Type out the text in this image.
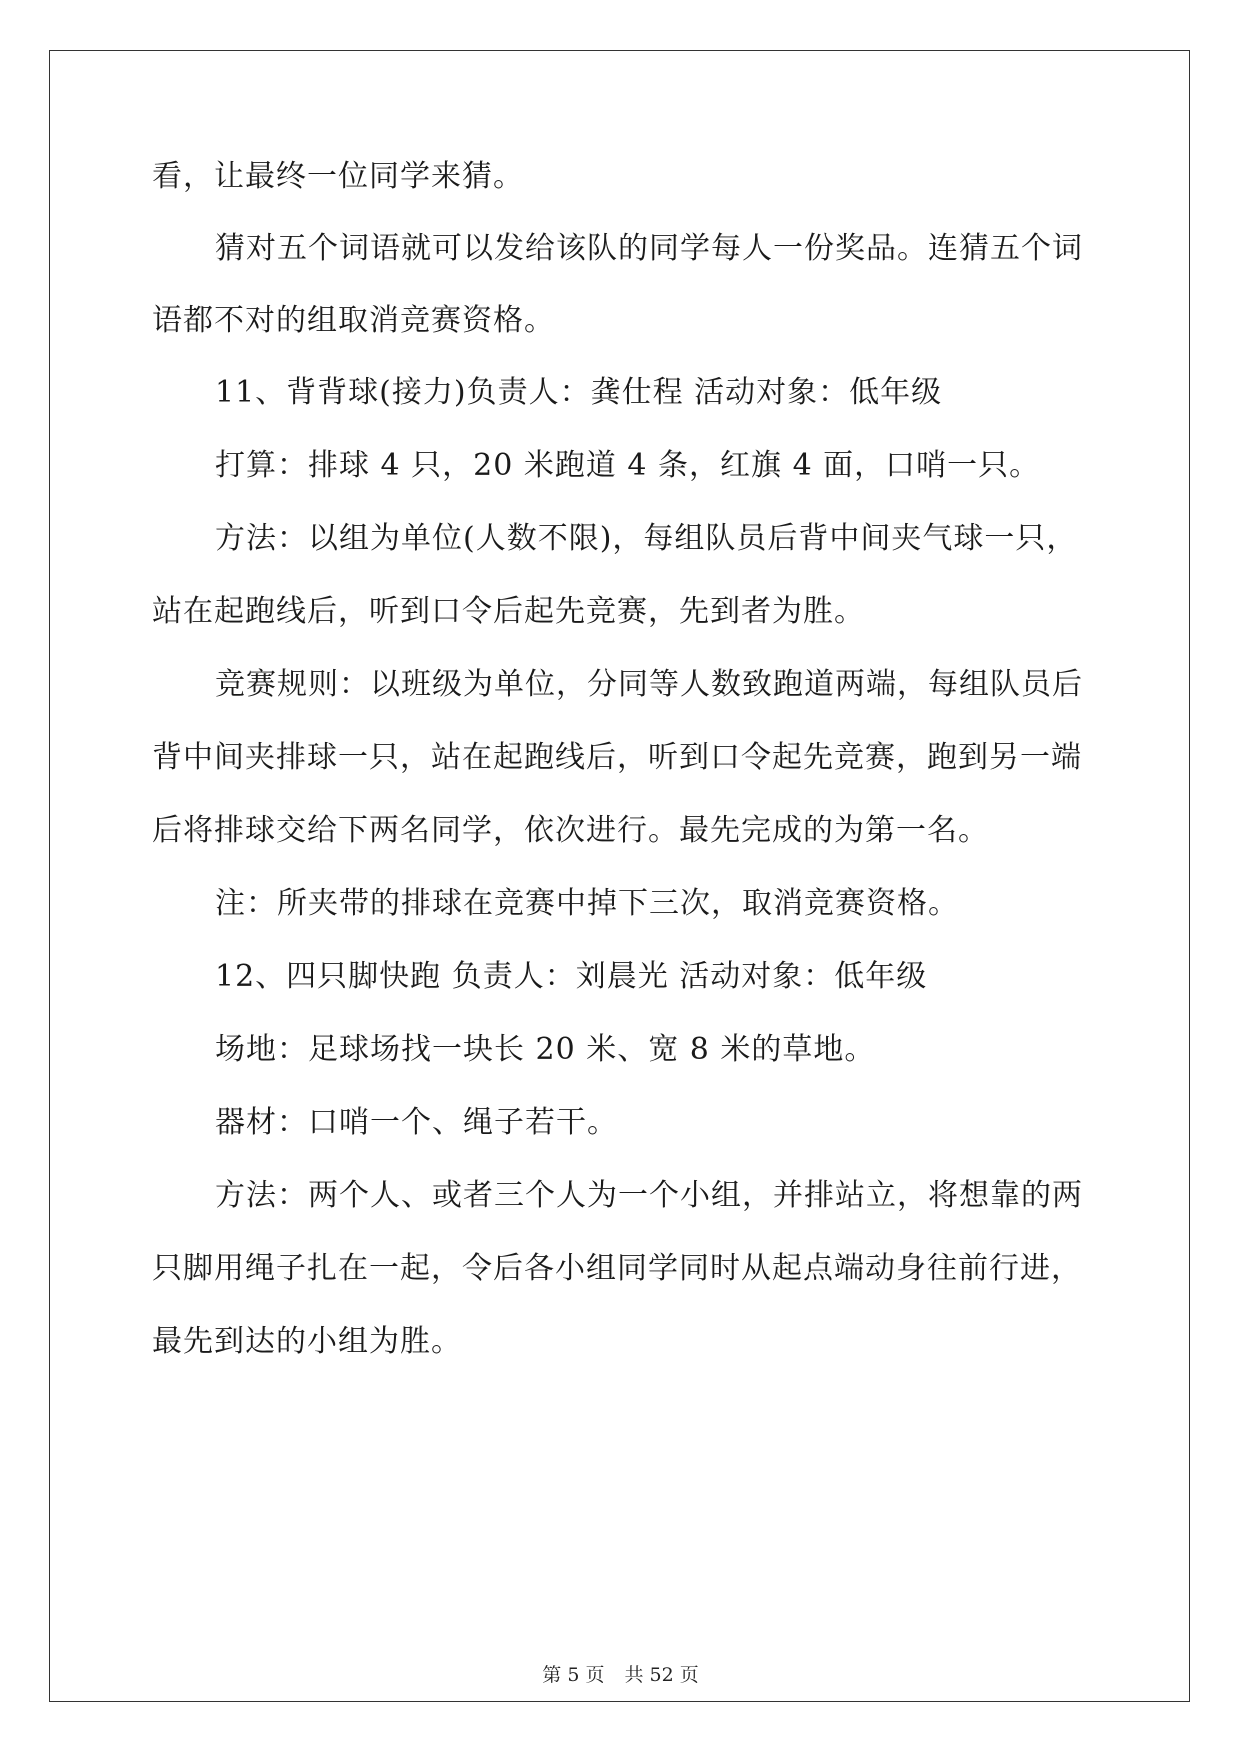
看，让最终一位同学来猜。

猜对五个词语就可以发给该队的同学每人一份奖品。连猜五个词

语都不对的组取消竞赛资格。

11、背背球(接力)负责人：龚仕程 活动对象：低年级

打算：排球 4 只，20 米跑道 4 条，红旗 4 面，口哨一只。

方法：以组为单位(人数不限)，每组队员后背中间夹气球一只，

站在起跑线后，听到口令后起先竞赛，先到者为胜。

竞赛规则：以班级为单位，分同等人数致跑道两端，每组队员后

背中间夹排球一只，站在起跑线后，听到口令起先竞赛，跑到另一端

后将排球交给下两名同学，依次进行。最先完成的为第一名。

注：所夹带的排球在竞赛中掉下三次，取消竞赛资格。

12、四只脚快跑 负责人：刘晨光 活动对象：低年级

场地：足球场找一块长 20 米、宽 8 米的草地。

器材：口哨一个、绳子若干。

方法：两个人、或者三个人为一个小组，并排站立，将想靠的两

只脚用绳子扎在一起，令后各小组同学同时从起点端动身往前行进，

最先到达的小组为胜。

第 5 页 共 52 页
